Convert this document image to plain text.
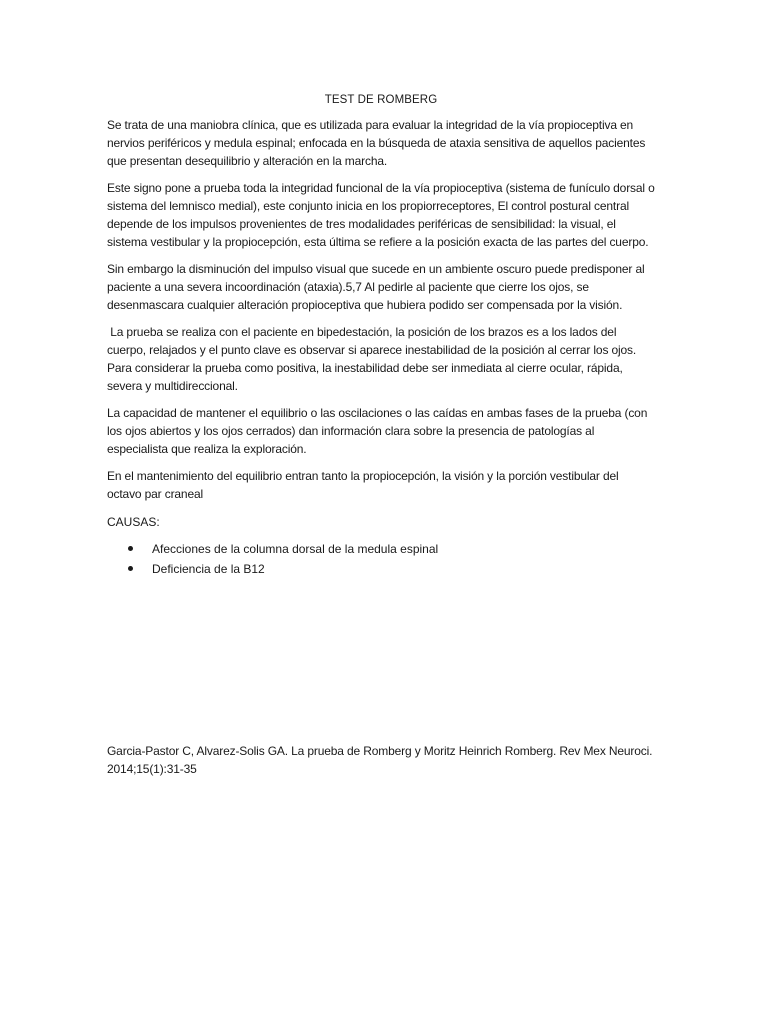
TEST DE ROMBERG

Se trata de una maniobra clínica, que es utilizada para evaluar la integridad de la vía propioceptiva en nervios periféricos y medula espinal; enfocada en la búsqueda de ataxia sensitiva de aquellos pacientes que presentan desequilibrio y alteración en la marcha.

Este signo pone a prueba toda la integridad funcional de la vía propioceptiva (sistema de funículo dorsal o sistema del lemnisco medial), este conjunto inicia en los propiorreceptores, El control postural central depende de los impulsos provenientes de tres modalidades periféricas de sensibilidad: la visual, el sistema vestibular y la propiocepción, esta última se refiere a la posición exacta de las partes del cuerpo.

Sin embargo la disminución del impulso visual que sucede en un ambiente oscuro puede predisponer al paciente a una severa incoordinación (ataxia).5,7 Al pedirle al paciente que cierre los ojos, se desenmascara cualquier alteración propioceptiva que hubiera podido ser compensada por la visión.

La prueba se realiza con el paciente en bipedestación, la posición de los brazos es a los lados del cuerpo, relajados y el punto clave es observar si aparece inestabilidad de la posición al cerrar los ojos. Para considerar la prueba como positiva, la inestabilidad debe ser inmediata al cierre ocular, rápida, severa y multidireccional.

La capacidad de mantener el equilibrio o las oscilaciones o las caídas en ambas fases de la prueba (con los ojos abiertos y los ojos cerrados) dan información clara sobre la presencia de patologías al especialista que realiza la exploración.

En el mantenimiento del equilibrio entran tanto la propiocepción, la visión y la porción vestibular del octavo par craneal

CAUSAS:
Afecciones de la columna dorsal de la medula espinal
Deficiencia de la B12
Garcia-Pastor C, Alvarez-Solis GA. La prueba de Romberg y Moritz Heinrich Romberg. Rev Mex Neuroci. 2014;15(1):31-35
